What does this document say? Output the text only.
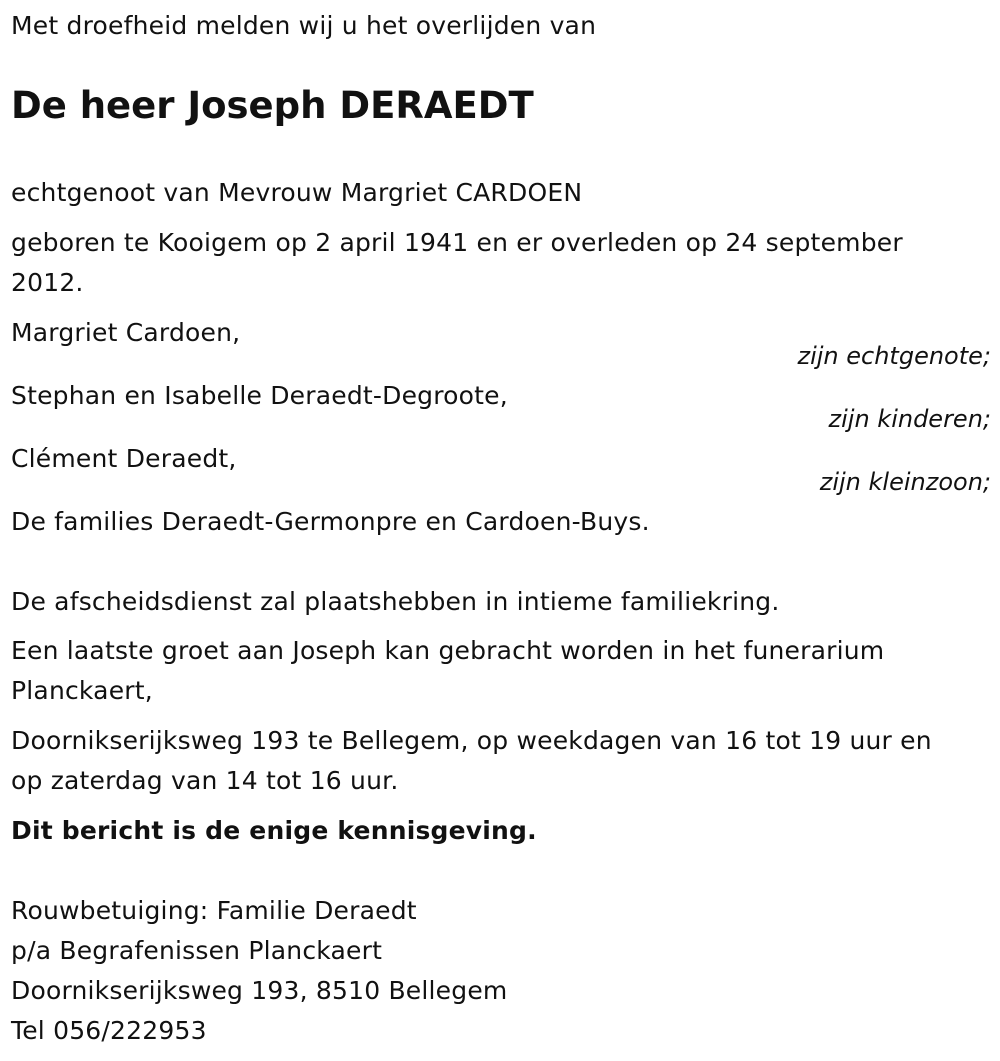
Met droefheid melden wij u het overlijden van
De heer Joseph DERAEDT
echtgenoot van Mevrouw Margriet CARDOEN
geboren te Kooigem op 2 april 1941 en er overleden op 24 september
2012.
Margriet Cardoen,
zijn echtgenote;
Stephan en Isabelle Deraedt-Degroote,
zijn kinderen;
Clément Deraedt,
zijn kleinzoon;
De families Deraedt-Germonpre en Cardoen-Buys.
De afscheidsdienst zal plaatshebben in intieme familiekring.
Een laatste groet aan Joseph kan gebracht worden in het funerarium
Planckaert,
Doornikserijksweg 193 te Bellegem, op weekdagen van 16 tot 19 uur en
op zaterdag van 14 tot 16 uur.
Dit bericht is de enige kennisgeving.
Rouwbetuiging: Familie Deraedt
p/a Begrafenissen Planckaert
Doornikserijksweg 193, 8510 Bellegem
Tel 056/222953
